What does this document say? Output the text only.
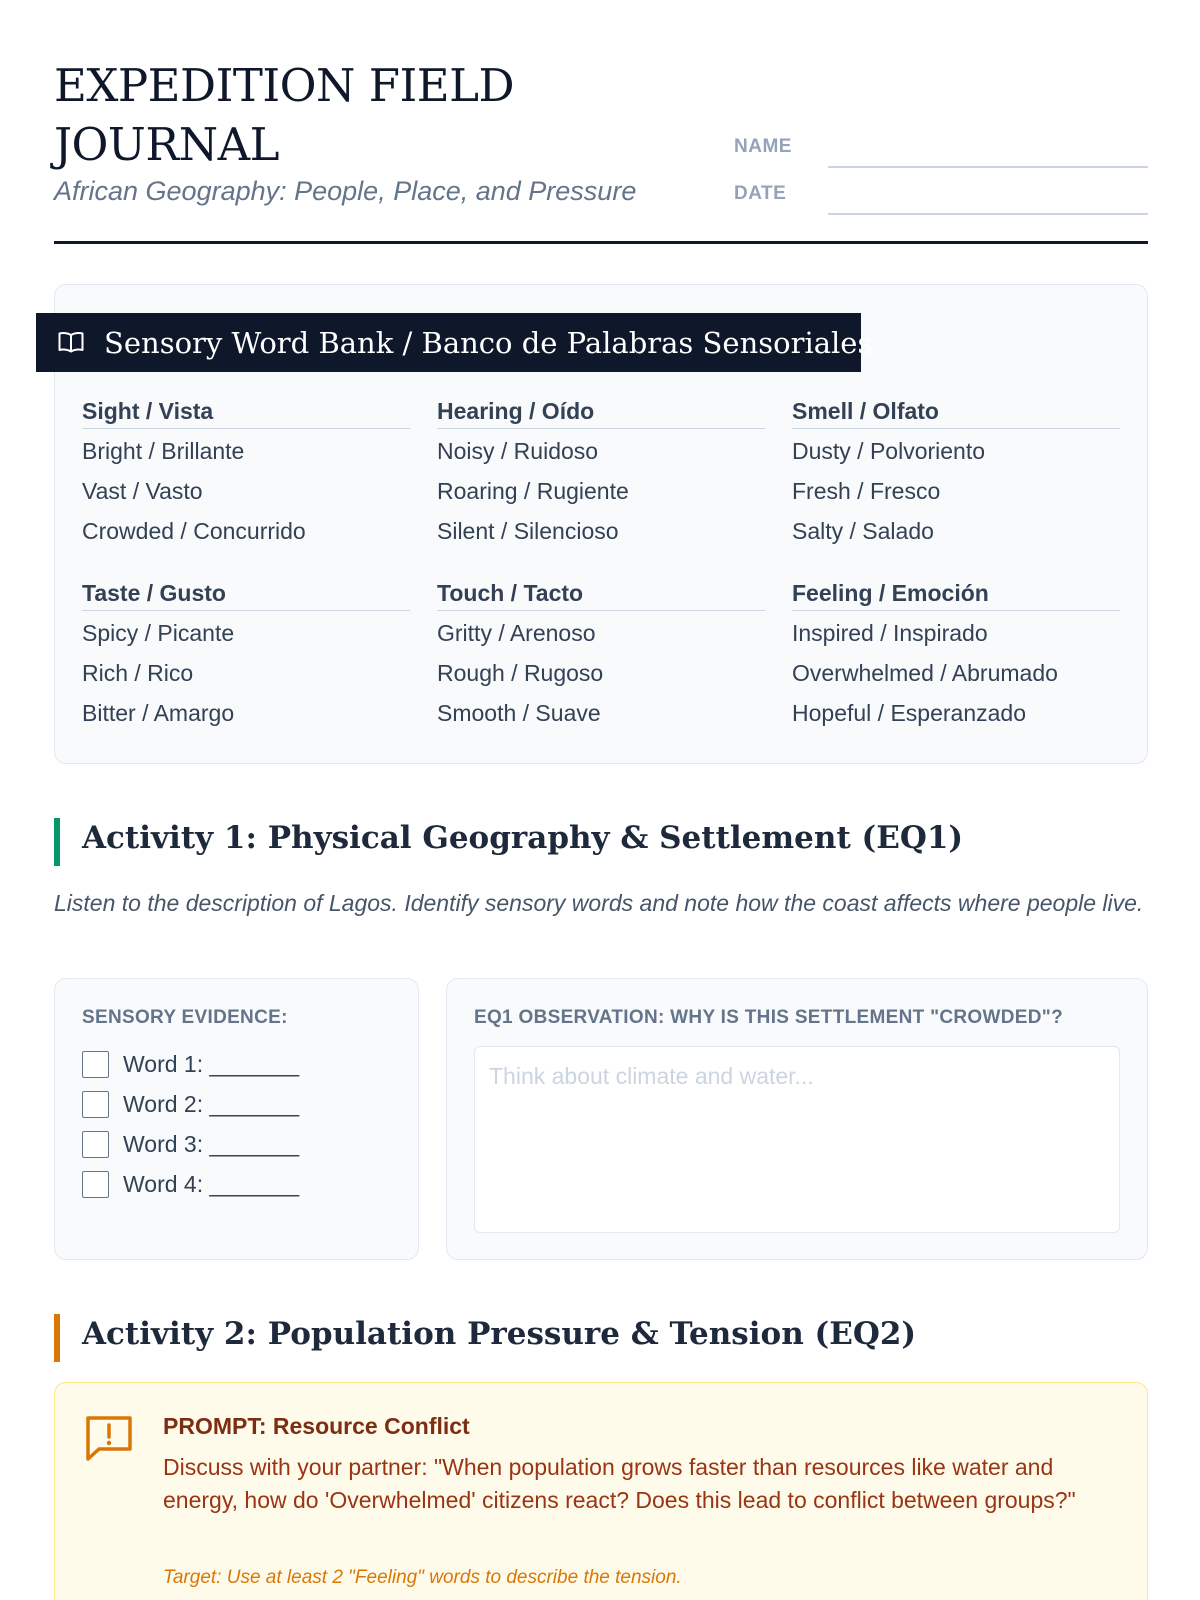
EXPEDITION FIELD JOURNAL
African Geography: People, Place, and Pressure
NAME
DATE
Sensory Word Bank / Banco de Palabras Sensoriales
Sight / Vista
Bright / Brillante
Vast / Vasto
Crowded / Concurrido
Hearing / Oído
Noisy / Ruidoso
Roaring / Rugiente
Silent / Silencioso
Smell / Olfato
Dusty / Polvoriento
Fresh / Fresco
Salty / Salado
Taste / Gusto
Spicy / Picante
Rich / Rico
Bitter / Amargo
Touch / Tacto
Gritty / Arenoso
Rough / Rugoso
Smooth / Suave
Feeling / Emoción
Inspired / Inspirado
Overwhelmed / Abrumado
Hopeful / Esperanzado
Activity 1: Physical Geography & Settlement (EQ1)

Listen to the description of Lagos. Identify sensory words and note how the coast affects where people live.

SENSORY EVIDENCE:
Word 1: _______
Word 2: _______
Word 3: _______
Word 4: _______
EQ1 OBSERVATION: WHY IS THIS SETTLEMENT "CROWDED"?
Think about climate and water...
Activity 2: Population Pressure & Tension (EQ2)
PROMPT: Resource Conflict
Discuss with your partner: "When population grows faster than resources like water and energy, how do 'Overwhelmed' citizens react? Does this lead to conflict between groups?"
Target: Use at least 2 "Feeling" words to describe the tension.
